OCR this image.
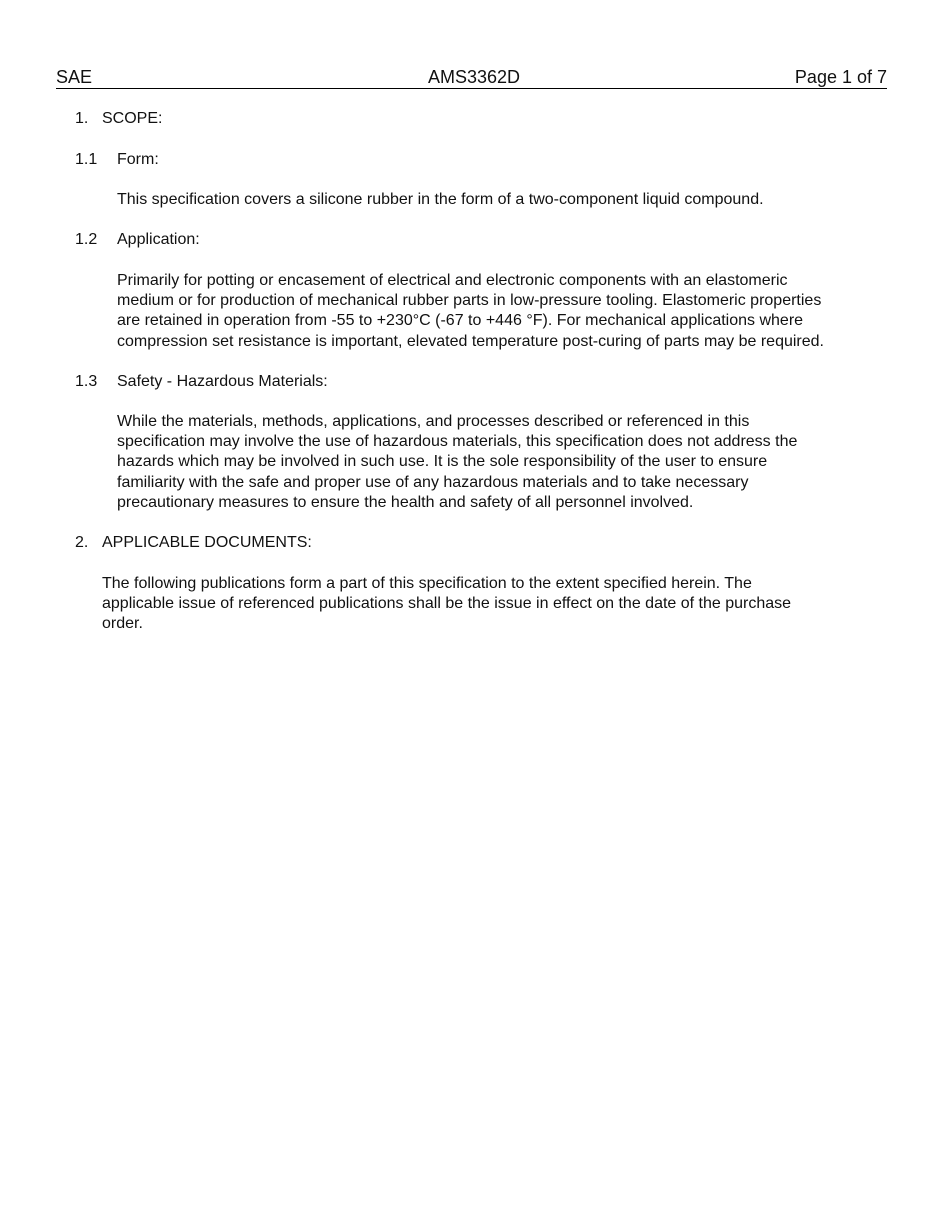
SAE	AMS3362D	Page 1 of 7
1. SCOPE:
1.1 Form:
This specification covers a silicone rubber in the form of a two-component liquid compound.
1.2 Application:
Primarily for potting or encasement of electrical and electronic components with an elastomeric
medium or for production of mechanical rubber parts in low-pressure tooling. Elastomeric properties
are retained in operation from -55 to +230°C (-67 to +446 °F). For mechanical applications where
compression set resistance is important, elevated temperature post-curing of parts may be required.
1.3 Safety - Hazardous Materials:
While the materials, methods, applications, and processes described or referenced in this
specification may involve the use of hazardous materials, this specification does not address the
hazards which may be involved in such use. It is the sole responsibility of the user to ensure
familiarity with the safe and proper use of any hazardous materials and to take necessary
precautionary measures to ensure the health and safety of all personnel involved.
2. APPLICABLE DOCUMENTS:
The following publications form a part of this specification to the extent specified herein. The
applicable issue of referenced publications shall be the issue in effect on the date of the purchase
order.
